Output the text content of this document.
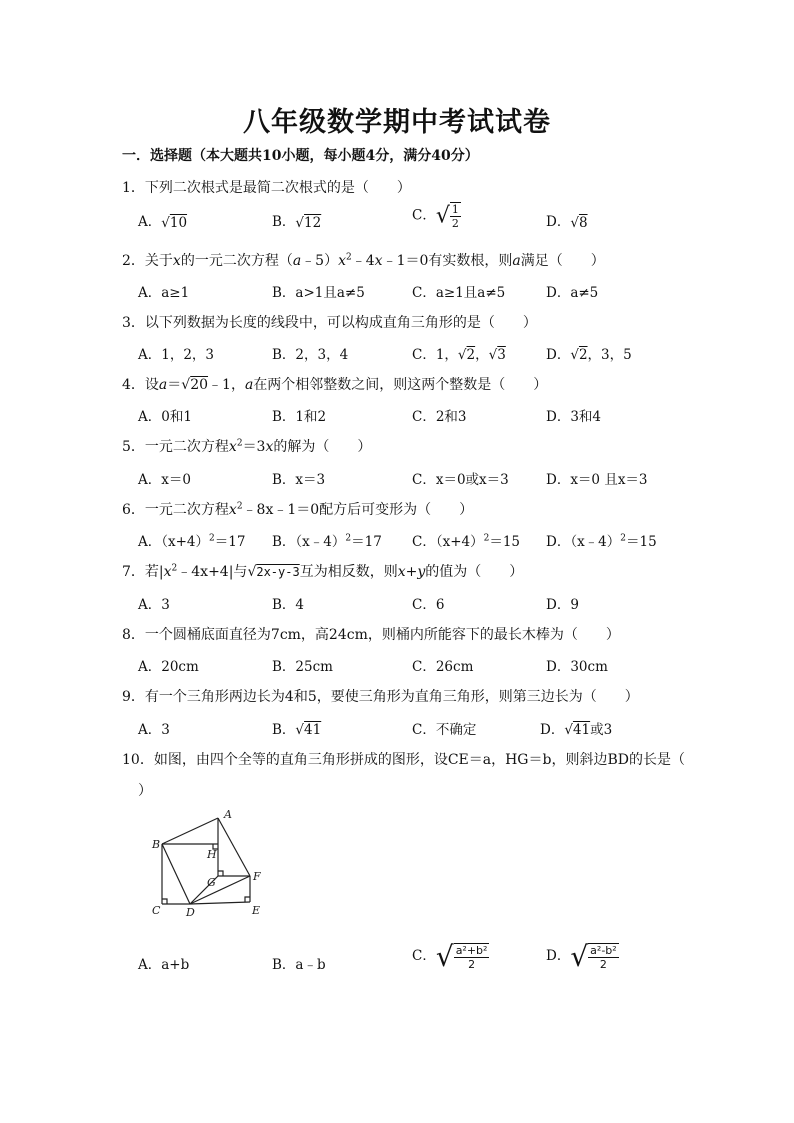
八年级数学期中考试试卷
一．选择题（本大题共10小题，每小题4分，满分40分）
1．下列二次根式是最简二次根式的是（　　）
A．√10	B．√12	C．√ $\frac{1}{2}$	D．√8
2．关于x的一元二次方程$(a﹣5)x^2﹣4x﹣1=0$有实数根，则a满足（　　）
A．a≥1	B．a>1且a≠5	C．a≥1且a≠5	D．a≠5
3．以下列数据为长度的线段中，可以构成直角三角形的是（　　）
A．1，2，3	B．2，3，4	C．1，√2，√3	D．√2，3，5
4．设a＝√20﹣1，a在两个相邻整数之间，则这两个整数是（　　）
A．0和1	B．1和2	C．2和3	D．3和4
5．一元二次方程$x^2=3x$的解为（　　）
A．x＝0	B．x＝3	C．x＝0或x＝3	D．x＝0 且x＝3
6．一元二次方程$x^2﹣8x﹣1=0$配方后可变形为（　　）
A．$(x+4)^2=17$ B．（x﹣4）$^2$＝17 C．$(x+4)^2=15$ D．（x﹣4）$^2$＝15
7．若$|x^2﹣4x+4|$与√2x-y-3互为相反数，则x+y的值为（　　）
A．3	B．4	C．6	D．9
8．一个圆桶底面直径为7cm，高24cm，则桶内所能容下的最长木棒为（　　）
A．20cm	B．25cm	C．26cm	D．30cm
9．有一个三角形两边长为4和5，要使三角形为直角三角形，则第三边长为（　　）
A．3	B．√41	C．不确定	D．√41或3
10．如图，由四个全等的直角三角形拼成的图形，设CE＝a，HG＝b，则斜边BD的长是（
）
A
B
C D	E
F
G
H
A．a+b	B．a﹣b
C．√ $\frac{\text{a²+b²}}{2}$	D．√ $\frac{\text{a²-b²}}{2}$
